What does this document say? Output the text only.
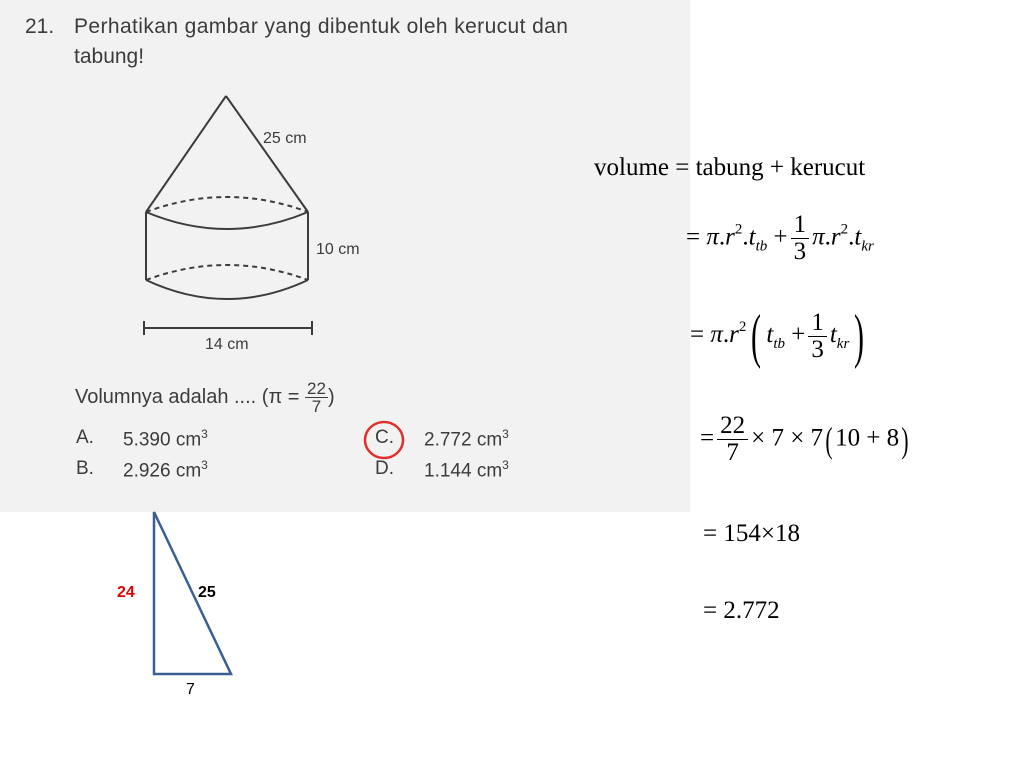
21. Perhatikan gambar yang dibentuk oleh kerucut dan
tabung!
25 cm
10 cm
14 cm
Volumnya adalah .... ($\pi = \frac{22}{7}$ )
A. 5.390 $cm^3$
B. 2.926 $cm^3$
C. 2.772 $cm^3$
D. 1.144 $cm^3$
24	25
7
volume = tabung + kerucut
= $\pi.r^2.t_{tb} + \frac{1}{3} \pi.r^2.t_{kr}$
= $\pi.r^2$( $t_{tb} + \frac{1}{3} t_{kr}$)
= $\frac{22}{7} \times 7 \times 7(10 + 8)$
= 154×18
= 2.772
